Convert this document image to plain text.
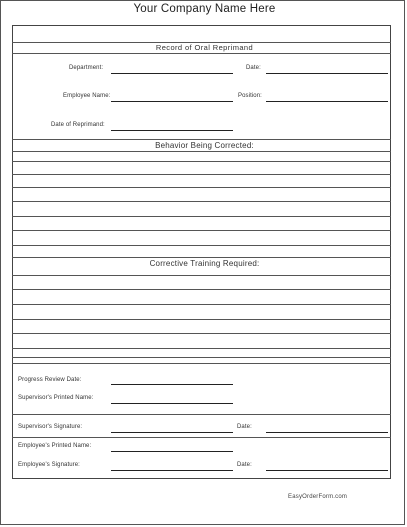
Your Company Name Here
Record of Oral Reprimand
Department:	Date:
Employee Name:	Position:
Date of Reprimand:
Behavior Being Corrected:
Corrective Training Required:
Progress Review Date:
Supervisor's Printed Name:
Supervisor's Signature:	Date:
Employee's Printed Name:
Employee's Signature:	Date:
EasyOrderForm.com
